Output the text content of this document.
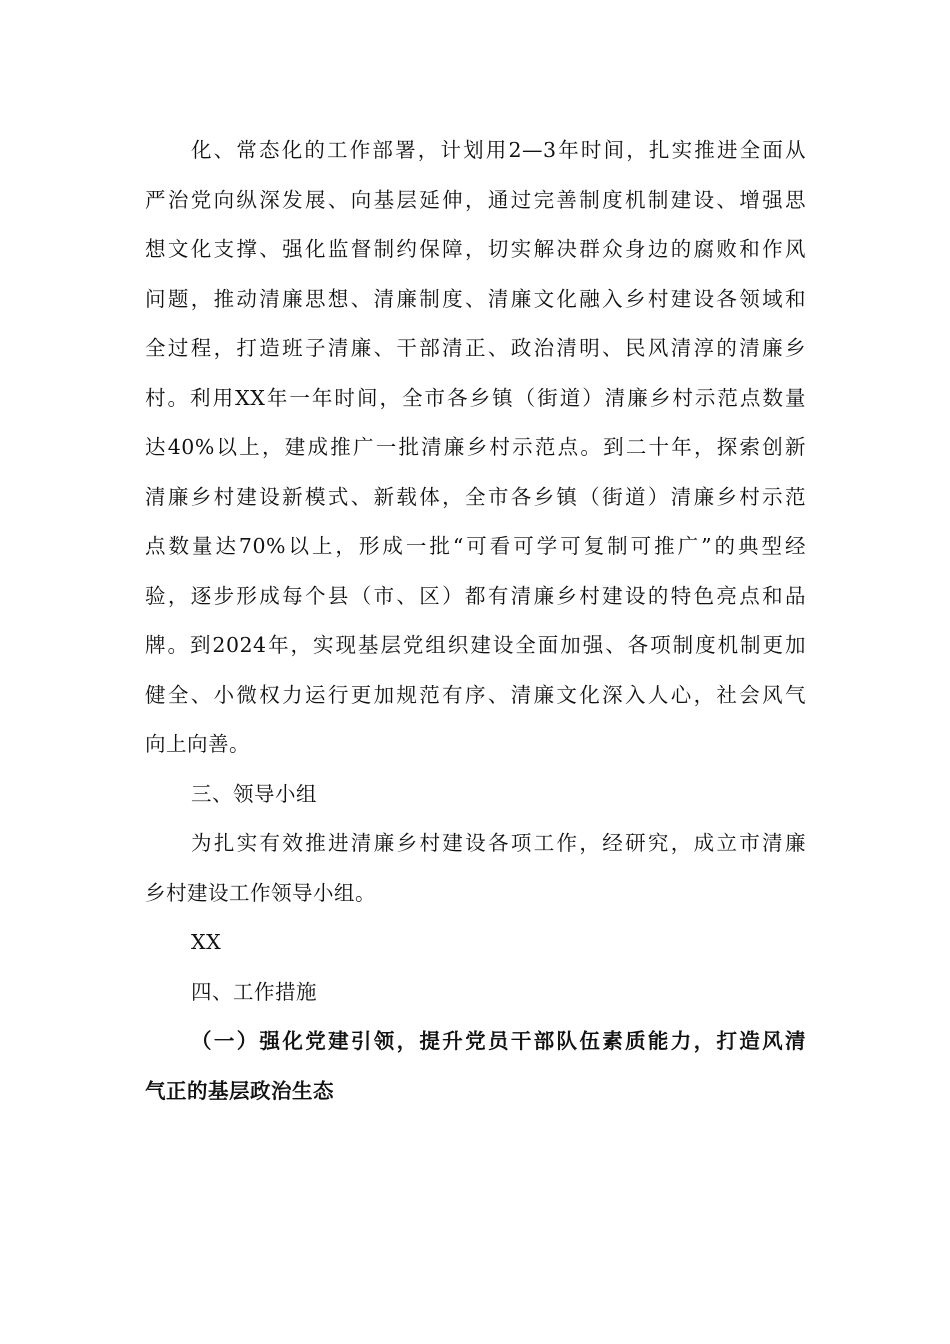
化、常态化的工作部署，计划用2—3年时间，扎实推进全面从
严治党向纵深发展、向基层延伸，通过完善制度机制建设、增强思
想文化支撑、强化监督制约保障，切实解决群众身边的腐败和作风
问题，推动清廉思想、清廉制度、清廉文化融入乡村建设各领域和
全过程，打造班子清廉、干部清正、政治清明、民风清淳的清廉乡
村。利用XX年一年时间，全市各乡镇（街道）清廉乡村示范点数量
达40%以上，建成推广一批清廉乡村示范点。到二十年，探索创新
清廉乡村建设新模式、新载体，全市各乡镇（街道）清廉乡村示范
点数量达70%以上，形成一批“可看可学可复制可推广”的典型经
验，逐步形成每个县（市、区）都有清廉乡村建设的特色亮点和品
牌。到2024年，实现基层党组织建设全面加强、各项制度机制更加
健全、小微权力运行更加规范有序、清廉文化深入人心，社会风气
向上向善。
三、领导小组
为扎实有效推进清廉乡村建设各项工作，经研究，成立市清廉
乡村建设工作领导小组。
XX
四、工作措施
（一）强化党建引领，提升党员干部队伍素质能力，打造风清
气正的基层政治生态
